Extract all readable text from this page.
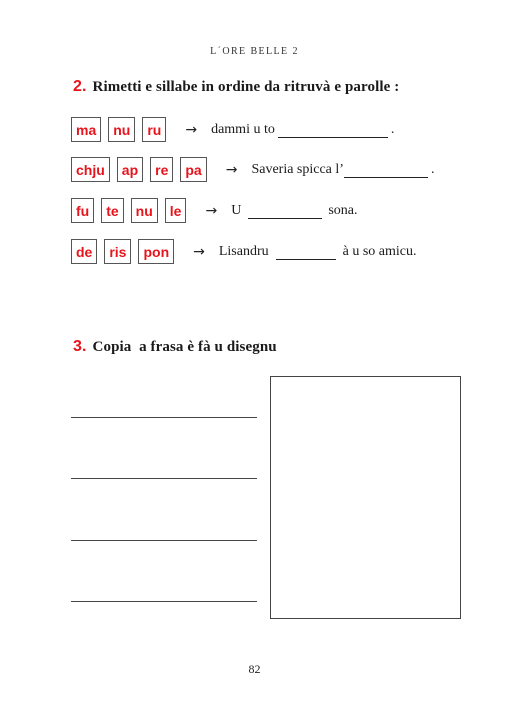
L´ORE BELLE 2
2. Rimetti e sillabe in ordine da ritruvà e parolle :
ma	nu	ru	→ dammi u to	.
chju	ap	re	pa	→ Saveria spicca l’	.
fu	te	nu	le	→ U	sona.
de	ris	pon	→ Lisandru	à u so amicu.
3. Copia  a frasa è fà u disegnu
82
